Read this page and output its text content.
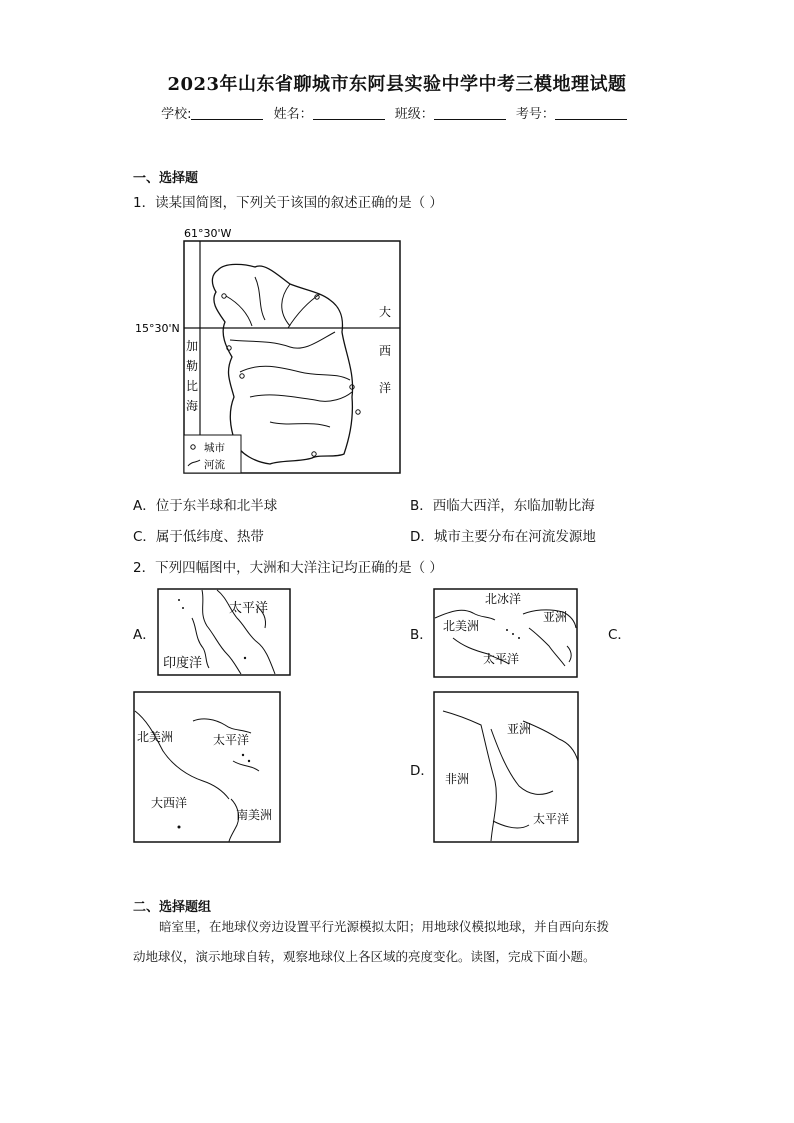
2023年山东省聊城市东阿县实验中学中考三模地理试题
学校:	姓名：	班级：	考号：
一、选择题
1．读某国简图，下列关于该国的叙述正确的是（ ）
61°30'W
15°30'N
加
勒
比
海
大
西
洋
城市
河流
A．位于东半球和北半球	B．西临大西洋，东临加勒比海
C．属于低纬度、热带	D．城市主要分布在河流发源地
2．下列四幅图中，大洲和大洋注记均正确的是（ ）
A．	B．	C．
D．
太平洋
印度洋
北冰洋
北美洲
亚洲
太平洋
北美洲	太平洋
大西洋
南美洲
亚洲
非洲
太平洋
二、选择题组
暗室里，在地球仪旁边设置平行光源模拟太阳；用地球仪模拟地球，并自西向东拨
动地球仪，演示地球自转，观察地球仪上各区域的亮度变化。读图，完成下面小题。
